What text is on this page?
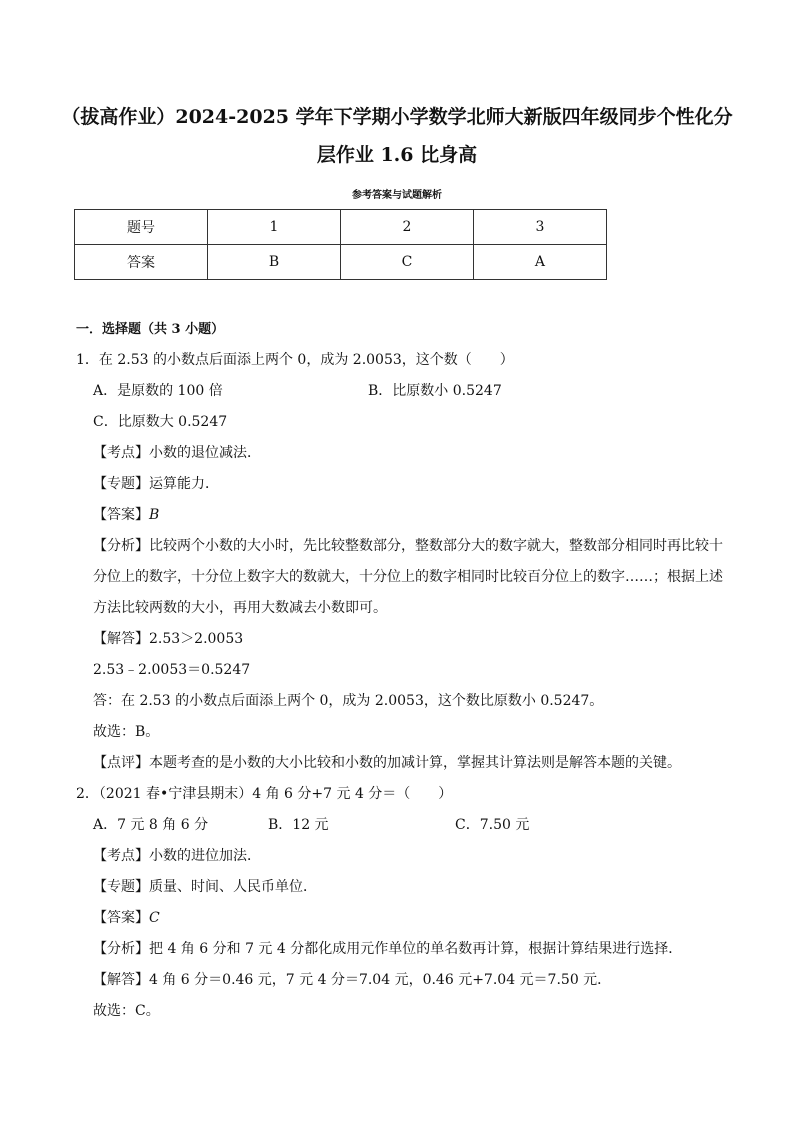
（拔高作业）2024-2025 学年下学期小学数学北师大新版四年级同步个性化分层作业 1.6 比身高
参考答案与试题解析
题号	1	2	3
答案	B	C	A
一．选择题（共 3 小题）
1．在 2.53 的小数点后面添上两个 0，成为 2.0053，这个数（　　）
A．是原数的 100 倍	B．比原数小 0.5247
C．比原数大 0.5247
【考点】小数的退位减法．
【专题】运算能力．
【答案】B
【分析】比较两个小数的大小时，先比较整数部分，整数部分大的数字就大，整数部分相同时再比较十
分位上的数字，十分位上数字大的数就大，十分位上的数字相同时比较百分位上的数字……；根据上述
方法比较两数的大小，再用大数减去小数即可。
【解答】2.53＞2.0053
2.53﹣2.0053＝0.5247
答：在 2.53 的小数点后面添上两个 0，成为 2.0053，这个数比原数小 0.5247。
故选：B。
【点评】本题考查的是小数的大小比较和小数的加减计算，掌握其计算法则是解答本题的关键。
2．（2021 春•宁津县期末）4 角 6 分+7 元 4 分＝（　　）
A．7 元 8 角 6 分	B．12 元	C．7.50 元
【考点】小数的进位加法．
【专题】质量、时间、人民币单位．
【答案】C
【分析】把 4 角 6 分和 7 元 4 分都化成用元作单位的单名数再计算，根据计算结果进行选择．
【解答】4 角 6 分＝0.46 元，7 元 4 分＝7.04 元，0.46 元+7.04 元＝7.50 元．
故选：C。
